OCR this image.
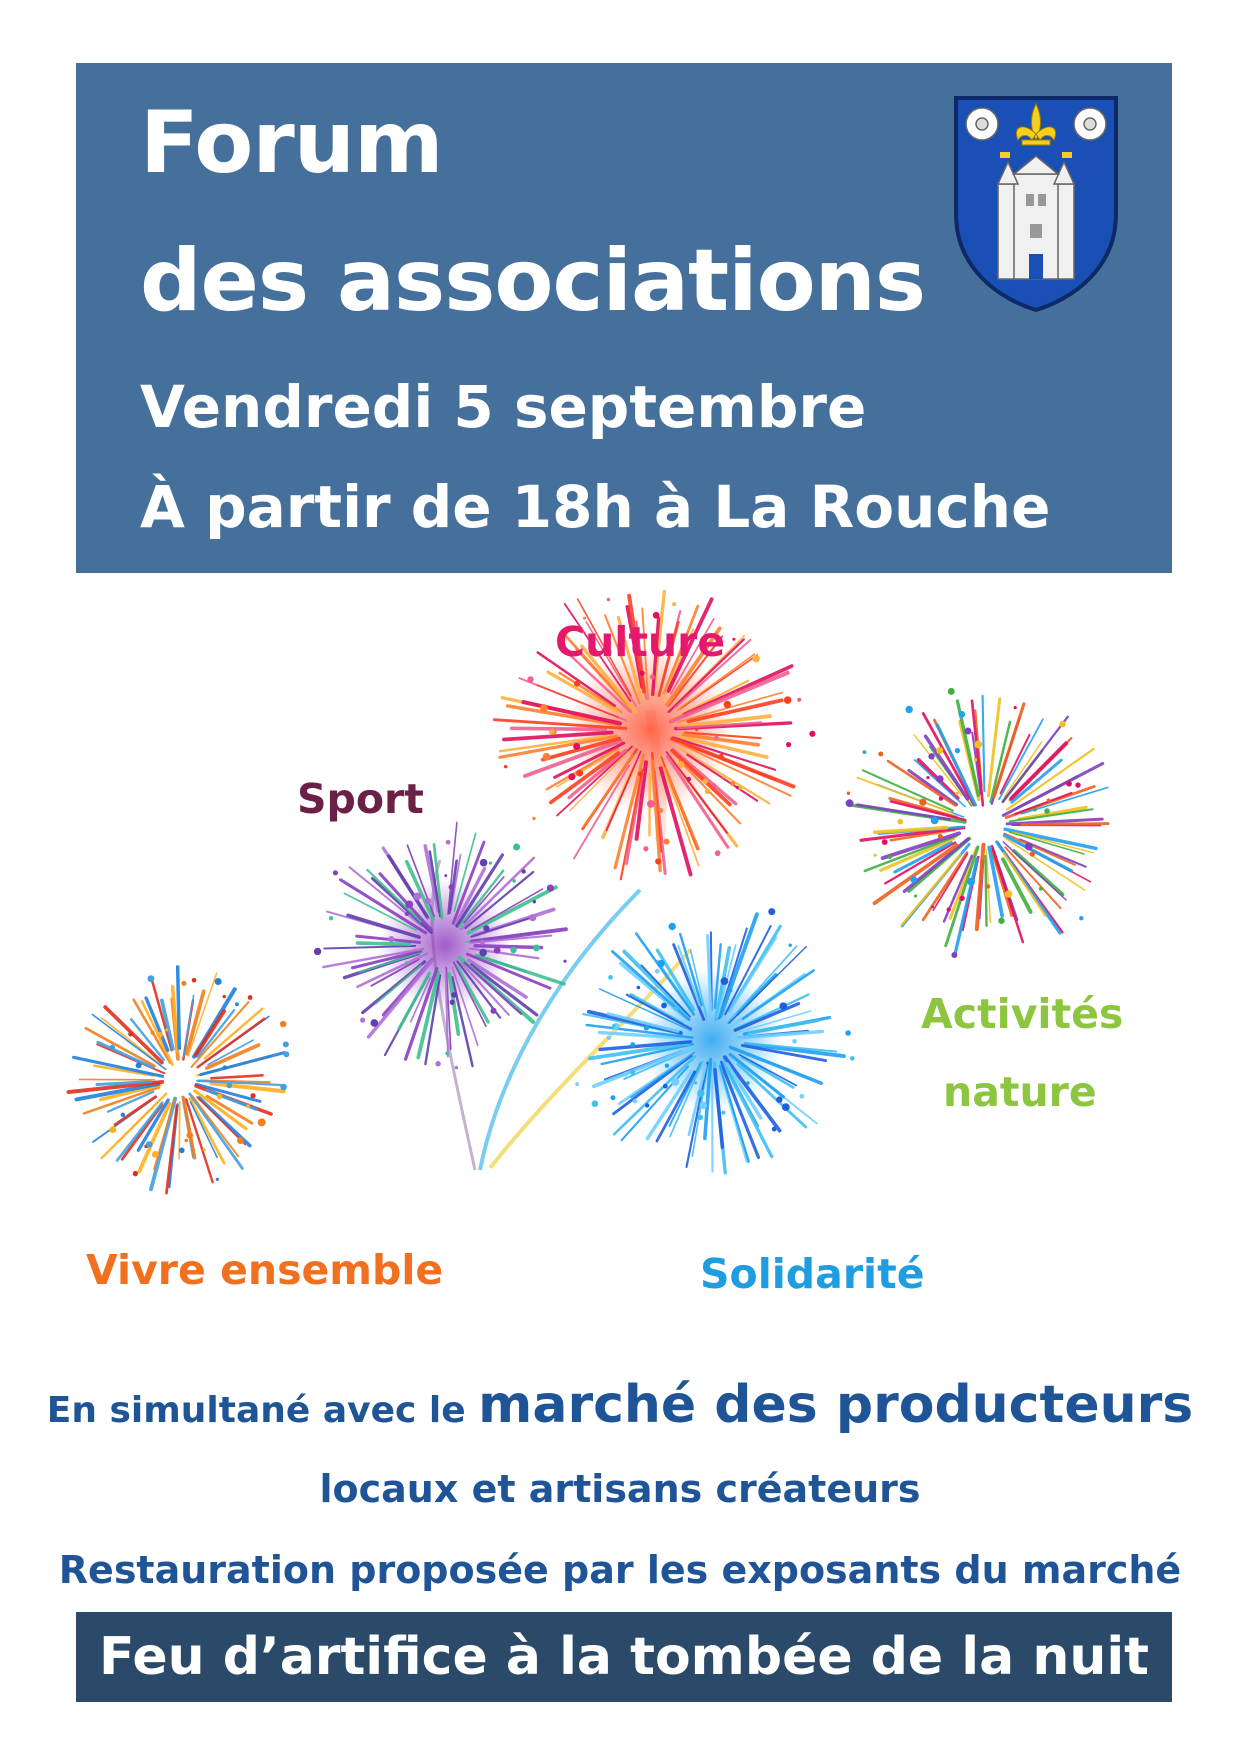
Forum
des associations
Vendredi 5 septembre
À partir de 18h à La Rouche
Culture
Sport
Activités
nature
Vivre ensemble	Solidarité
En simultané avec le marché des producteurs
locaux et artisans créateurs
Restauration proposée par les exposants du marché
Feu d’artifice à la tombée de la nuit
